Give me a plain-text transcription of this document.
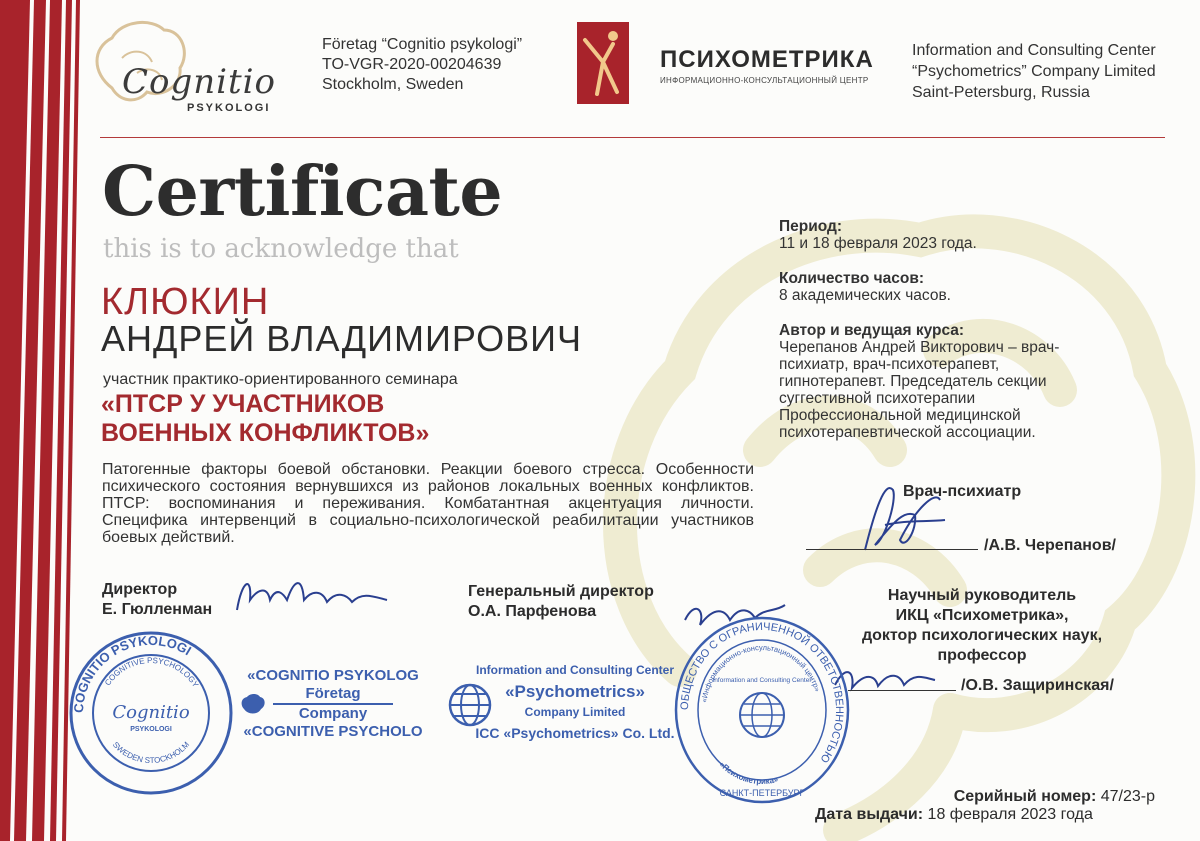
Cognitio
PSYKOLOGI
Företag “Cognitio psykologi”
TO-VGR-2020-00204639
Stockholm, Sweden
ПСИХОМЕТРИКА
ИНФОРМАЦИОННО-КОНСУЛЬТАЦИОННЫЙ ЦЕНТР
Information and Consulting Center
“Psychometrics” Company Limited
Saint-Petersburg, Russia
Certificate
this is to acknowledge that
КЛЮКИН
АНДРЕЙ ВЛАДИМИРОВИЧ
участник практико-ориентированного семинара
«ПТСР У УЧАСТНИКОВ
ВОЕННЫХ КОНФЛИКТОВ»
Патогенные факторы боевой обстановки. Реакции боевого стресса. Особенности психического состояния вернувшихся из районов локальных военных конфликтов. ПТСР: воспоминания и переживания. Комбатантная акцентуация личности. Специфика интервенций в социально-психологической реабилитации участников боевых действий.
Период:
11 и 18 февраля 2023 года.
Количество часов:
8 академических часов.
Автор и ведущая курса:
Черепанов Андрей Викторович – врач-психиатр, врач-психотерапевт, гипнотерапевт. Председатель секции суггестивной психотерапии Профессиональной медицинской психотерапевтической ассоциации.
Врач-психиатр
/А.В. Черепанов/
Директор
Е. Гюлленман
Генеральный директор
О.А. Парфенова
Научный руководитель
ИКЦ «Психометрика»,
доктор психологических наук,
профессор
/О.В. Защиринская/
COGNITIO PSYKOLOGI
COGNITIVE PSYCHOLOGY
SWEDEN STOCKHOLM
Cognitio
PSYKOLOGI
«COGNITIO PSYKOLOG
Företag
Company
«COGNITIVE PSYCHOLO
Information and Consulting Center
«Psychometrics»
Company Limited
ICC «Psychometrics» Co. Ltd.
ОБЩЕСТВО С ОГРАНИЧЕННОЙ ОТВЕТСТВЕННОСТЬЮ
«Информационно-консультационный центр»
«Психометрика»
Information and Consulting Center
САНКТ-ПЕТЕРБУРГ	Серийный номер: 47/23-р
Дата выдачи: 18 февраля 2023 года
